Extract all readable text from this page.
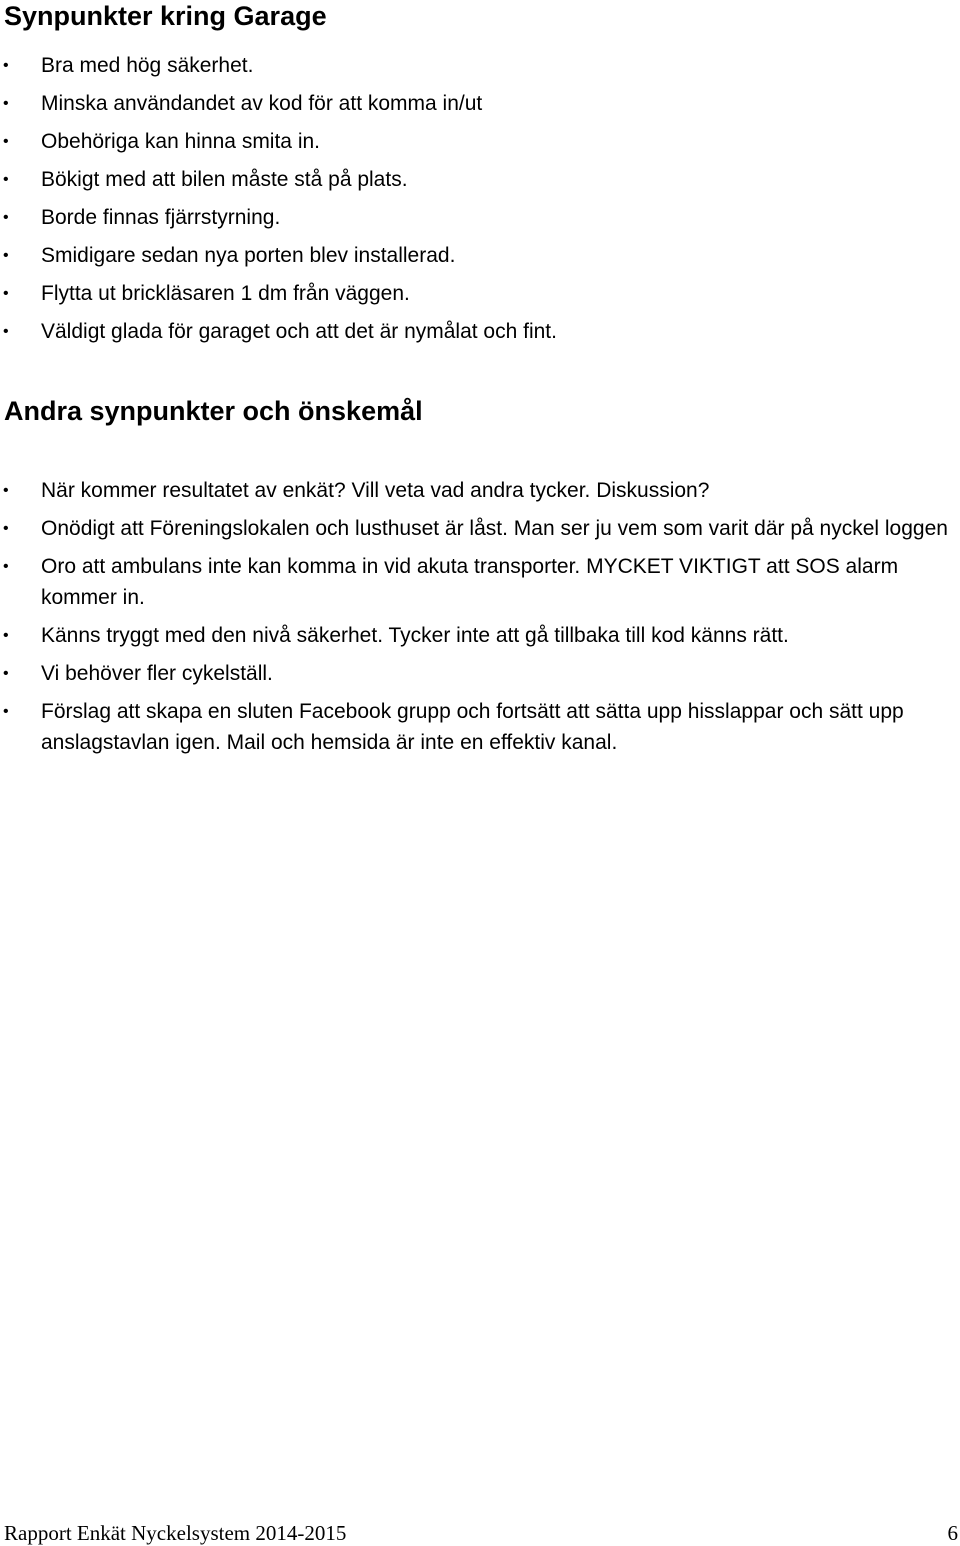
Synpunkter kring Garage
• Bra med hög säkerhet.
• Minska användandet av kod för att komma in/ut
• Obehöriga kan hinna smita in.
• Bökigt med att bilen måste stå på plats.
• Borde finnas fjärrstyrning.
• Smidigare sedan nya porten blev installerad.
• Flytta ut brickläsaren 1 dm från väggen.
• Väldigt glada för garaget och att det är nymålat och fint.
Andra synpunkter och önskemål
• När kommer resultatet av enkät? Vill veta vad andra tycker. Diskussion?
• Onödigt att Föreningslokalen och lusthuset är låst. Man ser ju vem som varit där på nyckel loggen
• Oro att ambulans inte kan komma in vid akuta transporter. MYCKET VIKTIGT att SOS alarm kommer in.
• Känns tryggt med den nivå säkerhet. Tycker inte att gå tillbaka till kod känns rätt.
• Vi behöver fler cykelställ.
• Förslag att skapa en sluten Facebook grupp och fortsätt att sätta upp hisslappar och sätt upp anslagstavlan igen. Mail och hemsida är inte en effektiv kanal.
Rapport Enkät Nyckelsystem 2014-2015	6
